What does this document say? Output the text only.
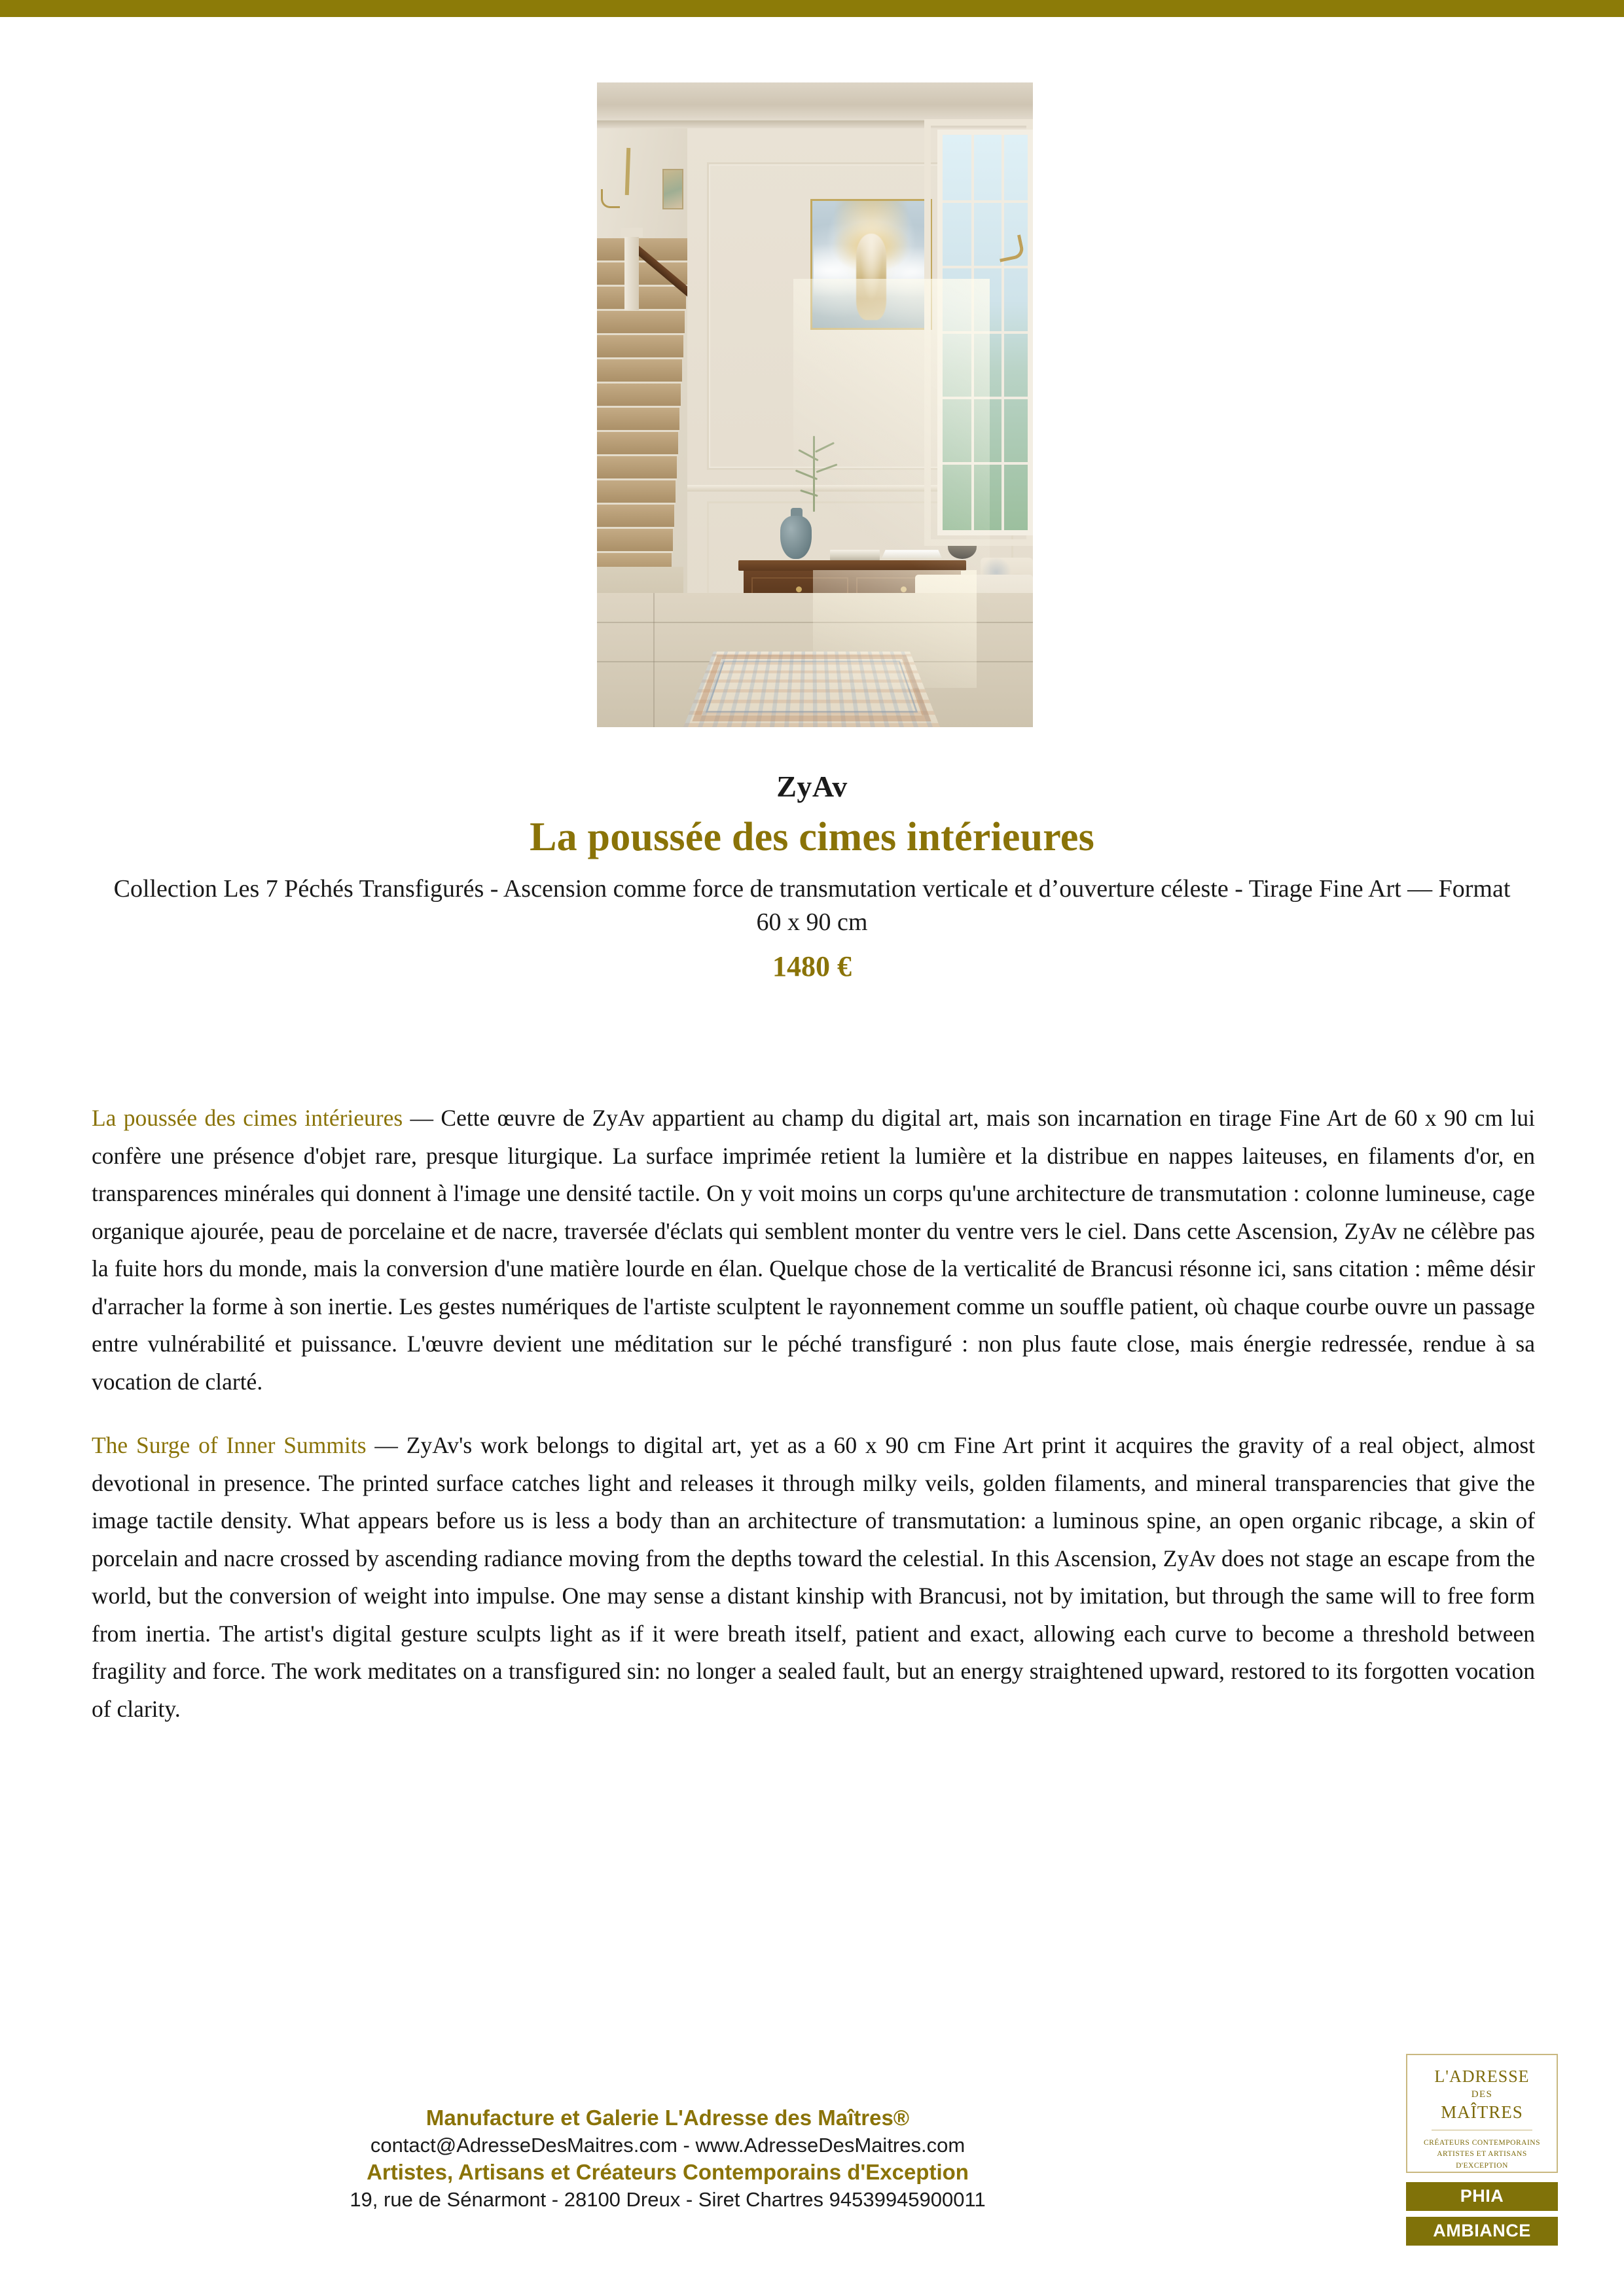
ZyAv

La poussée des cimes intérieures

Collection Les 7 Péchés Transfigurés - Ascension comme force de transmutation verticale et d’ouverture céleste - Tirage Fine Art — Format 60 x 90 cm

1480 €

La poussée des cimes intérieures — Cette œuvre de ZyAv appartient au champ du digital art, mais son incarnation en tirage Fine Art de 60 x 90 cm lui confère une présence d'objet rare, presque liturgique. La surface imprimée retient la lumière et la distribue en nappes laiteuses, en filaments d'or, en transparences minérales qui donnent à l'image une densité tactile. On y voit moins un corps qu'une architecture de transmutation : colonne lumineuse, cage organique ajourée, peau de porcelaine et de nacre, traversée d'éclats qui semblent monter du ventre vers le ciel. Dans cette Ascension, ZyAv ne célèbre pas la fuite hors du monde, mais la conversion d'une matière lourde en élan. Quelque chose de la verticalité de Brancusi résonne ici, sans citation : même désir d'arracher la forme à son inertie. Les gestes numériques de l'artiste sculptent le rayonnement comme un souffle patient, où chaque courbe ouvre un passage entre vulnérabilité et puissance. L'œuvre devient une méditation sur le péché transfiguré : non plus faute close, mais énergie redressée, rendue à sa vocation de clarté.

The Surge of Inner Summits — ZyAv's work belongs to digital art, yet as a 60 x 90 cm Fine Art print it acquires the gravity of a real object, almost devotional in presence. The printed surface catches light and releases it through milky veils, golden filaments, and mineral transparencies that give the image tactile density. What appears before us is less a body than an architecture of transmutation: a luminous spine, an open organic ribcage, a skin of porcelain and nacre crossed by ascending radiance moving from the depths toward the celestial. In this Ascension, ZyAv does not stage an escape from the world, but the conversion of weight into impulse. One may sense a distant kinship with Brancusi, not by imitation, but through the same will to free form from inertia. The artist's digital gesture sculpts light as if it were breath itself, patient and exact, allowing each curve to become a threshold between fragility and force. The work meditates on a transfigured sin: no longer a sealed fault, but an energy straightened upward, restored to its forgotten vocation of clarity.

Manufacture et Galerie L'Adresse des Maîtres®
contact@AdresseDesMaitres.com - www.AdresseDesMaitres.com
Artistes, Artisans et Créateurs Contemporains d'Exception
19, rue de Sénarmont - 28100 Dreux - Siret Chartres 94539945900011
L'ADRESSE
DES
MAÎTRES
CRÉATEURS CONTEMPORAINS
ARTISTES ET ARTISANS
D'EXCEPTION
PHIA
AMBIANCE
